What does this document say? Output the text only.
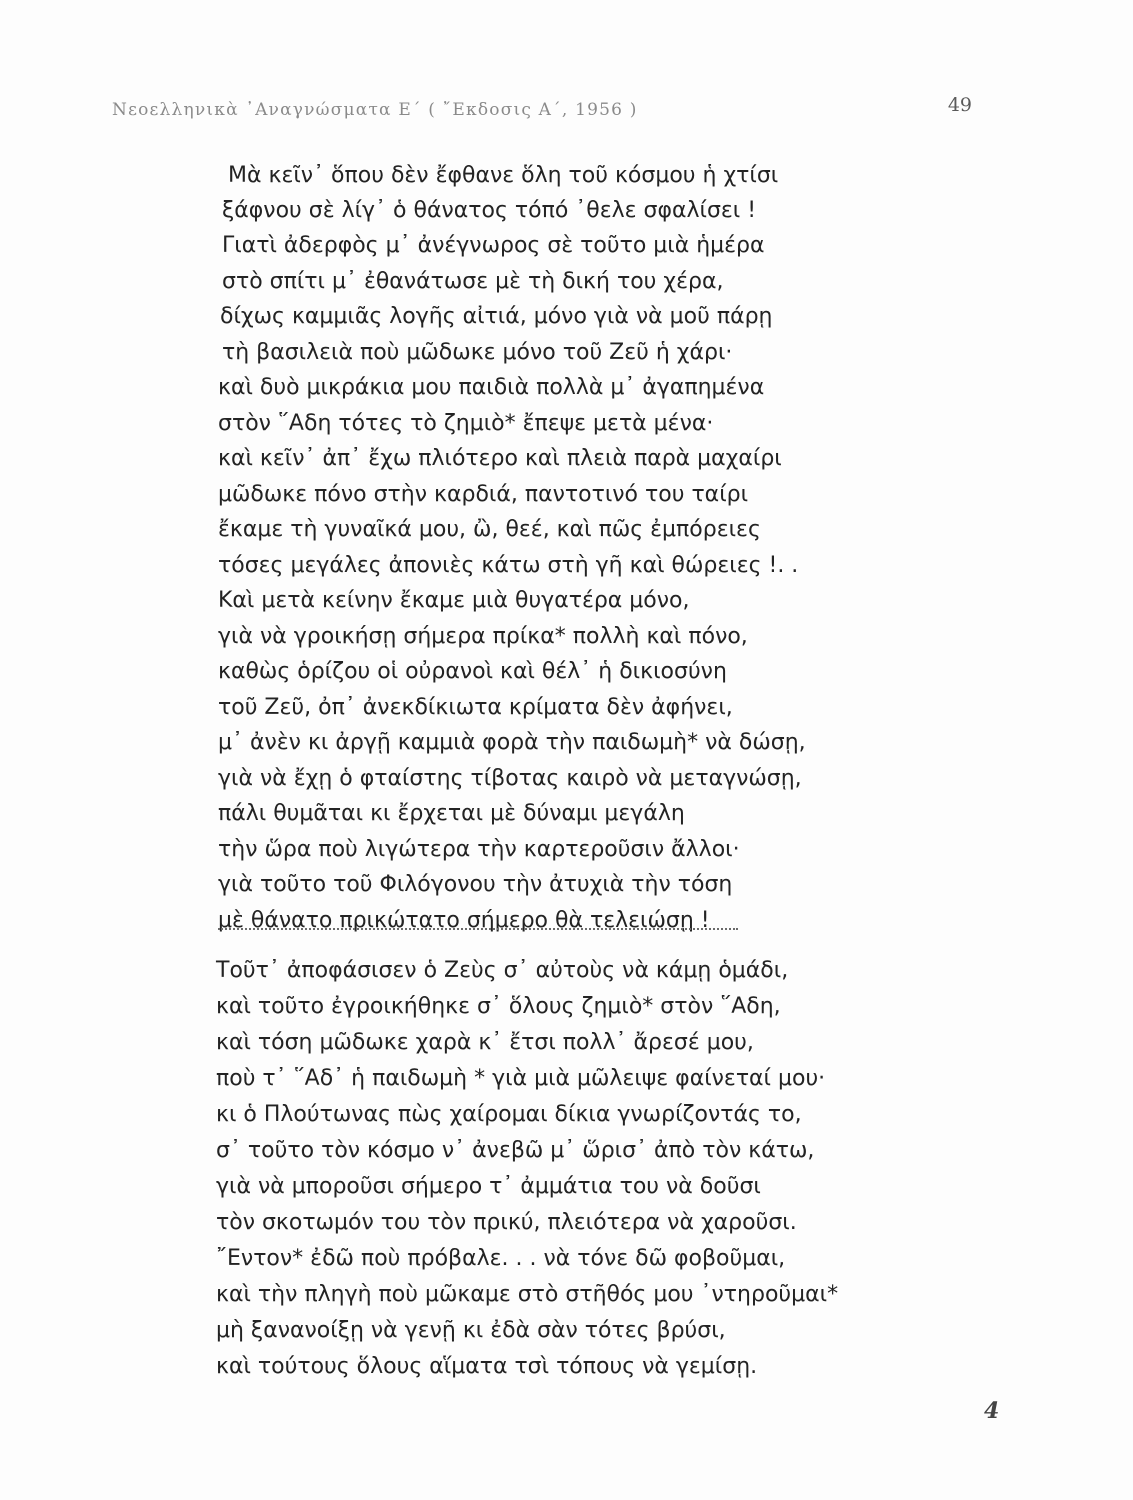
Νεοελληνικὰ ᾿Αναγνώσματα Ε΄ ( ῎Εκδοσις Α΄, 1956 )	49
Μὰ κεῖν᾿ ὅπου δὲν ἔφθανε ὅλη τοῦ κόσμου ἡ χτίσι
ξάφνου σὲ λίγ᾿ ὁ θάνατος τόπό ᾿θελε σφαλίσει !
Γιατὶ ἀδερφὸς μ᾿ ἀνέγνωρος σὲ τοῦτο μιὰ ἡμέρα
στὸ σπίτι μ᾿ ἐθανάτωσε μὲ τὴ δική του χέρα,
δίχως καμμιᾶς λογῆς αἰτιά, μόνο γιὰ νὰ μοῦ πάρῃ
τὴ βασιλειὰ ποὺ μῶδωκε μόνο τοῦ Ζεῦ ἡ χάρι·
καὶ δυὸ μικράκια μου παιδιὰ πολλὰ μ᾿ ἀγαπημένα
στὸν ῞Αδη τότες τὸ ζημιὸ* ἔπεψε μετὰ μένα·
καὶ κεῖν᾿ ἀπ᾿ ἔχω πλιότερο καὶ πλειὰ παρὰ μαχαίρι
μῶδωκε πόνο στὴν καρδιά, παντοτινό του ταίρι
ἔκαμε τὴ γυναῖκά μου, ὢ, θεέ, καὶ πῶς ἐμπόρειες
τόσες μεγάλες ἀπονιὲς κάτω στὴ γῆ καὶ θώρειες !. .
Καὶ μετὰ κείνην ἔκαμε μιὰ θυγατέρα μόνο,
γιὰ νὰ γροικήσῃ σήμερα πρίκα* πολλὴ καὶ πόνο,
καθὼς ὁρίζου οἱ οὐρανοὶ καὶ θέλ᾿ ἡ δικιοσύνη
τοῦ Ζεῦ, ὀπ᾿ ἀνεκδίκιωτα κρίματα δὲν ἀφήνει,
μ᾿ ἀνὲν κι ἀργῇ καμμιὰ φορὰ τὴν παιδωμὴ* νὰ δώσῃ,
γιὰ νὰ ἔχῃ ὁ φταίστης τίβοτας καιρὸ νὰ μεταγνώσῃ,
πάλι θυμᾶται κι ἔρχεται μὲ δύναμι μεγάλη
τὴν ὥρα ποὺ λιγώτερα τὴν καρτεροῦσιν ἄλλοι·
γιὰ τοῦτο τοῦ Φιλόγονου τὴν ἀτυχιὰ τὴν τόση
μὲ θάνατο πρικώτατο σήμερο θὰ τελειώσῃ !
Τοῦτ᾿ ἀποφάσισεν ὁ Ζεὺς σ᾿ αὐτοὺς νὰ κάμῃ ὁμάδι,
καὶ τοῦτο ἐγροικήθηκε σ᾿ ὅλους ζημιὸ* στὸν ῞Αδη,
καὶ τόση μῶδωκε χαρὰ κ᾿ ἔτσι πολλ᾿ ἄρεσέ μου,
ποὺ τ᾿ ῞Αδ᾿ ἡ παιδωμὴ * γιὰ μιὰ μῶλειψε φαίνεταί μου·
κι ὁ Πλούτωνας πὼς χαίρομαι δίκια γνωρίζοντάς το,
σ᾿ τοῦτο τὸν κόσμο ν᾿ ἀνεβῶ μ᾿ ὥρισ᾿ ἀπὸ τὸν κάτω,
γιὰ νὰ μποροῦσι σήμερο τ᾿ ἀμμάτια του νὰ δοῦσι
τὸν σκοτωμόν του τὸν πρικύ, πλειότερα νὰ χαροῦσι.
῎Εντον* ἐδῶ ποὺ πρόβαλε. . . νὰ τόνε δῶ φοβοῦμαι,
καὶ τὴν πληγὴ ποὺ μῶκαμε στὸ στῆθός μου ᾿ντηροῦμαι*
μὴ ξανανοίξῃ νὰ γενῇ κι ἐδὰ σὰν τότες βρύσι,
καὶ τούτους ὅλους αἵματα τσὶ τόπους νὰ γεμίσῃ.
4
